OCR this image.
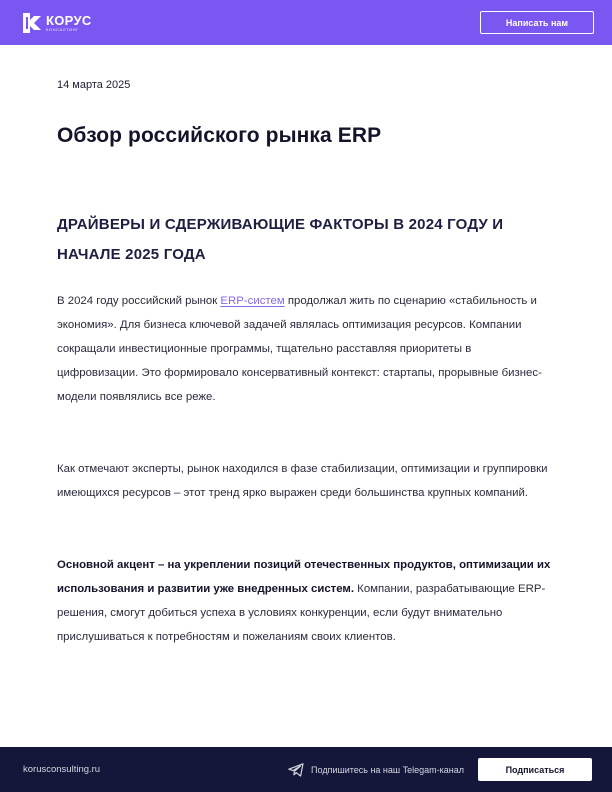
КОРУС
КОНСАЛТИНГ
Написать нам
14 марта 2025
Обзор российского рынка ERP
ДРАЙВЕРЫ И СДЕРЖИВАЮЩИЕ ФАКТОРЫ В 2024 ГОДУ И НАЧАЛЕ 2025 ГОДА

В 2024 году российский рынок ERP-систем продолжал жить по сценарию «стабильность и экономия». Для бизнеса ключевой задачей являлась оптимизация ресурсов. Компании сокращали инвестиционные программы, тщательно расставляя приоритеты в цифровизации. Это формировало консервативный контекст: стартапы, прорывные бизнес-модели появлялись все реже.

Как отмечают эксперты, рынок находился в фазе стабилизации, оптимизации и группировки имеющихся ресурсов – этот тренд ярко выражен среди большинства крупных компаний.

Основной акцент – на укреплении позиций отечественных продуктов, оптимизации их использования и развитии уже внедренных систем. Компании, разрабатывающие ERP-решения, смогут добиться успеха в условиях конкуренции, если будут внимательно прислушиваться к потребностям и пожеланиям своих клиентов.

korusconsulting.ru	Подпишитесь на наш Telegam-канал	Подписаться
